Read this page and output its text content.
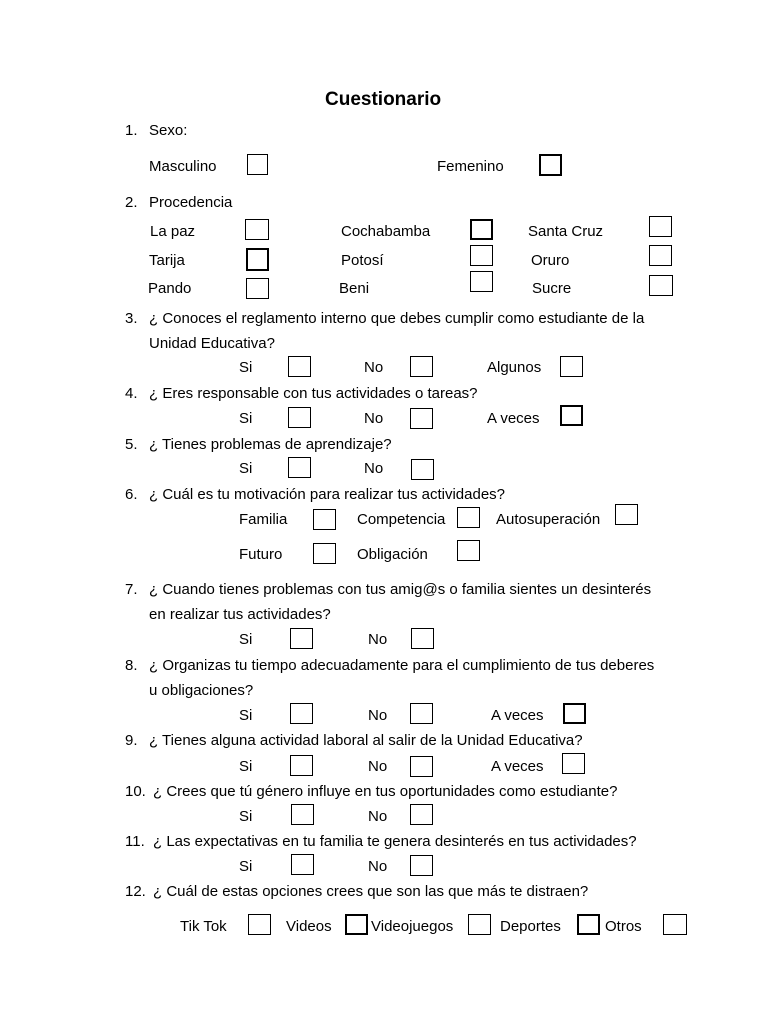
Cuestionario
1. Sexo:
Masculino	Femenino
2. Procedencia
La paz	Cochabamba	Santa Cruz
Tarija	Potosí	Oruro
Pando	Beni	Sucre
3. ¿ Conoces el reglamento interno que debes cumplir como estudiante de la
Unidad Educativa?
Si	No	Algunos
4. ¿ Eres responsable con tus actividades o tareas?
Si	No	A veces
5. ¿ Tienes problemas de aprendizaje?
Si	No
6. ¿ Cuál es tu motivación para realizar tus actividades?
Familia	Competencia	Autosuperación
Futuro	Obligación
7. ¿ Cuando tienes problemas con tus amig@s o familia sientes un desinterés
en realizar tus actividades?
Si	No
8. ¿ Organizas tu tiempo adecuadamente para el cumplimiento de tus deberes
u obligaciones?
Si	No	A veces
9. ¿ Tienes alguna actividad laboral al salir de la Unidad Educativa?
Si	No	A veces
10. ¿ Crees que tú género influye en tus oportunidades como estudiante?
Si	No
11. ¿ Las expectativas en tu familia te genera desinterés en tus actividades?
Si	No
12. ¿ Cuál de estas opciones crees que son las que más te distraen?
Tik Tok	Videos	Videojuegos	Deportes	Otros
